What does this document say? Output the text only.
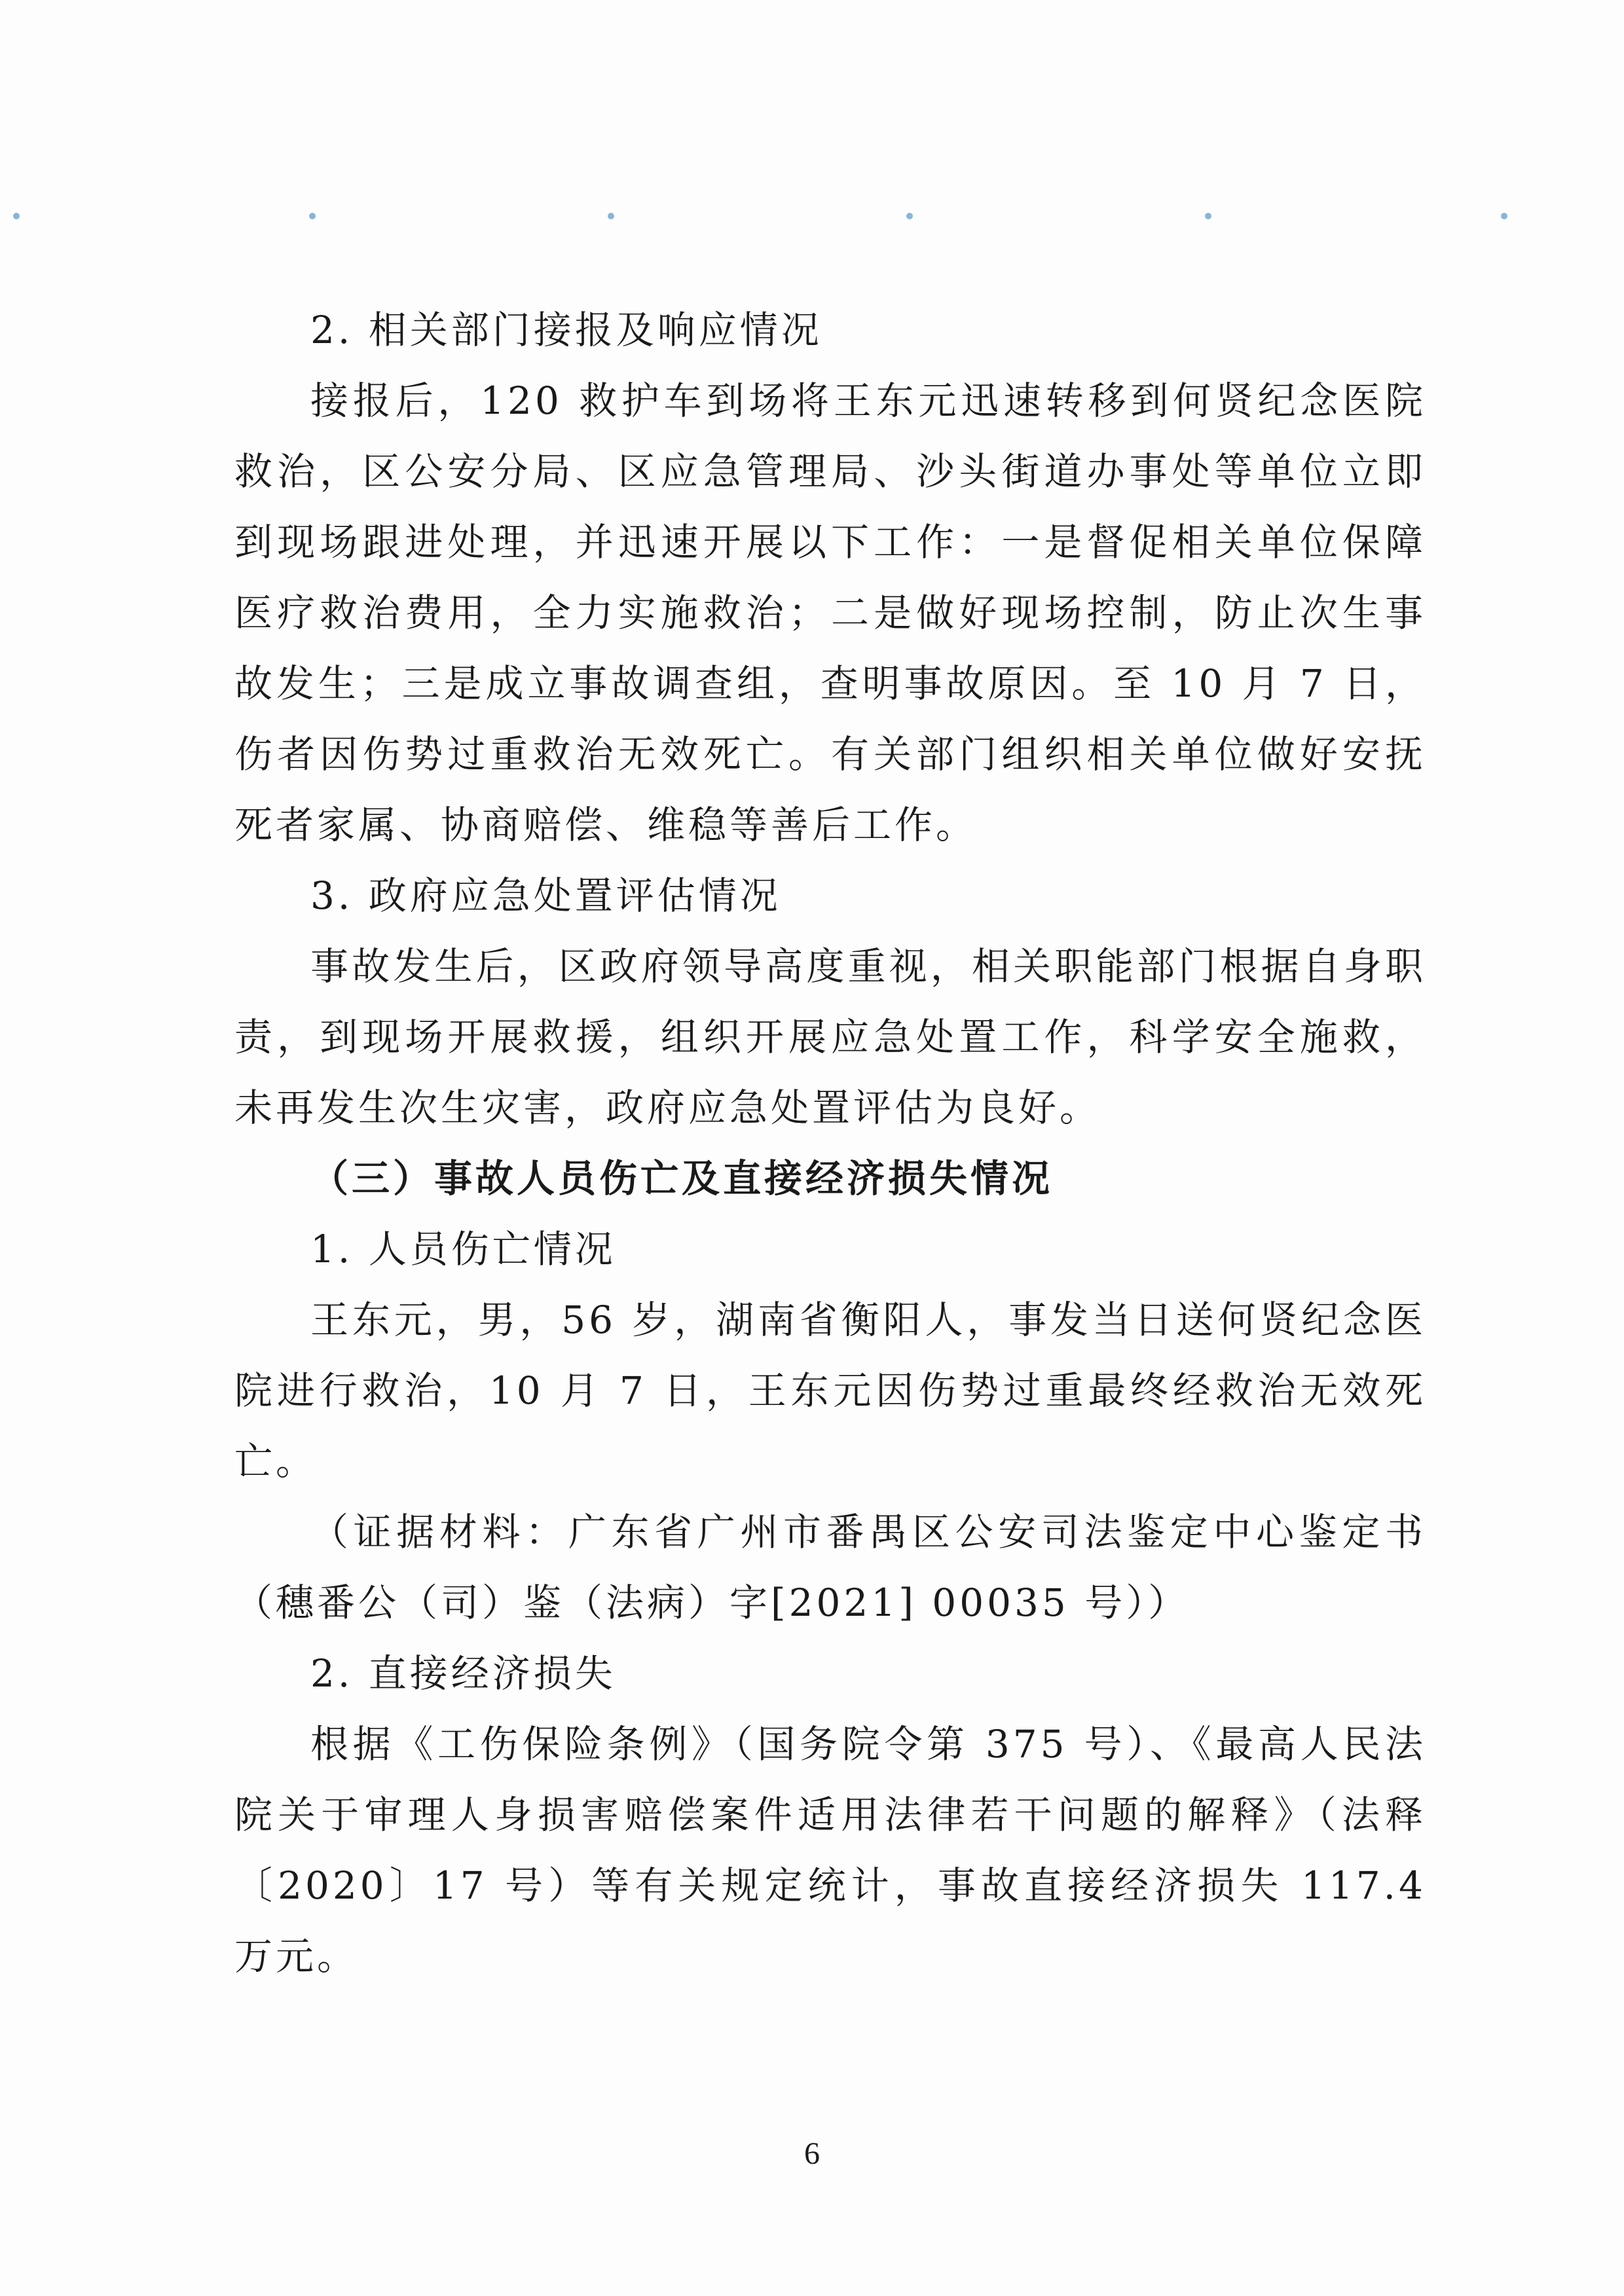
2. 相关部门接报及响应情况

接报后，120 救护车到场将王东元迅速转移到何贤纪念医院救治，区公安分局、区应急管理局、沙头街道办事处等单位立即到现场跟进处理，并迅速开展以下工作：一是督促相关单位保障医疗救治费用，全力实施救治；二是做好现场控制，防止次生事故发生；三是成立事故调查组，查明事故原因。至 10 月 7 日，伤者因伤势过重救治无效死亡。有关部门组织相关单位做好安抚死者家属、协商赔偿、维稳等善后工作。

3. 政府应急处置评估情况

事故发生后，区政府领导高度重视，相关职能部门根据自身职责，到现场开展救援，组织开展应急处置工作，科学安全施救，未再发生次生灾害，政府应急处置评估为良好。

（三）事故人员伤亡及直接经济损失情况

1. 人员伤亡情况

王东元，男，56 岁，湖南省衡阳人，事发当日送何贤纪念医院进行救治，10 月 7 日，王东元因伤势过重最终经救治无效死亡。

（证据材料：广东省广州市番禺区公安司法鉴定中心鉴定书（穗番公（司）鉴（法病）字[2021] 00035 号））

2. 直接经济损失

根据《工伤保险条例》（国务院令第 375 号）、《最高人民法院关于审理人身损害赔偿案件适用法律若干问题的解释》（法释〔2020〕17 号）等有关规定统计，事故直接经济损失 117.4 万元。

6
